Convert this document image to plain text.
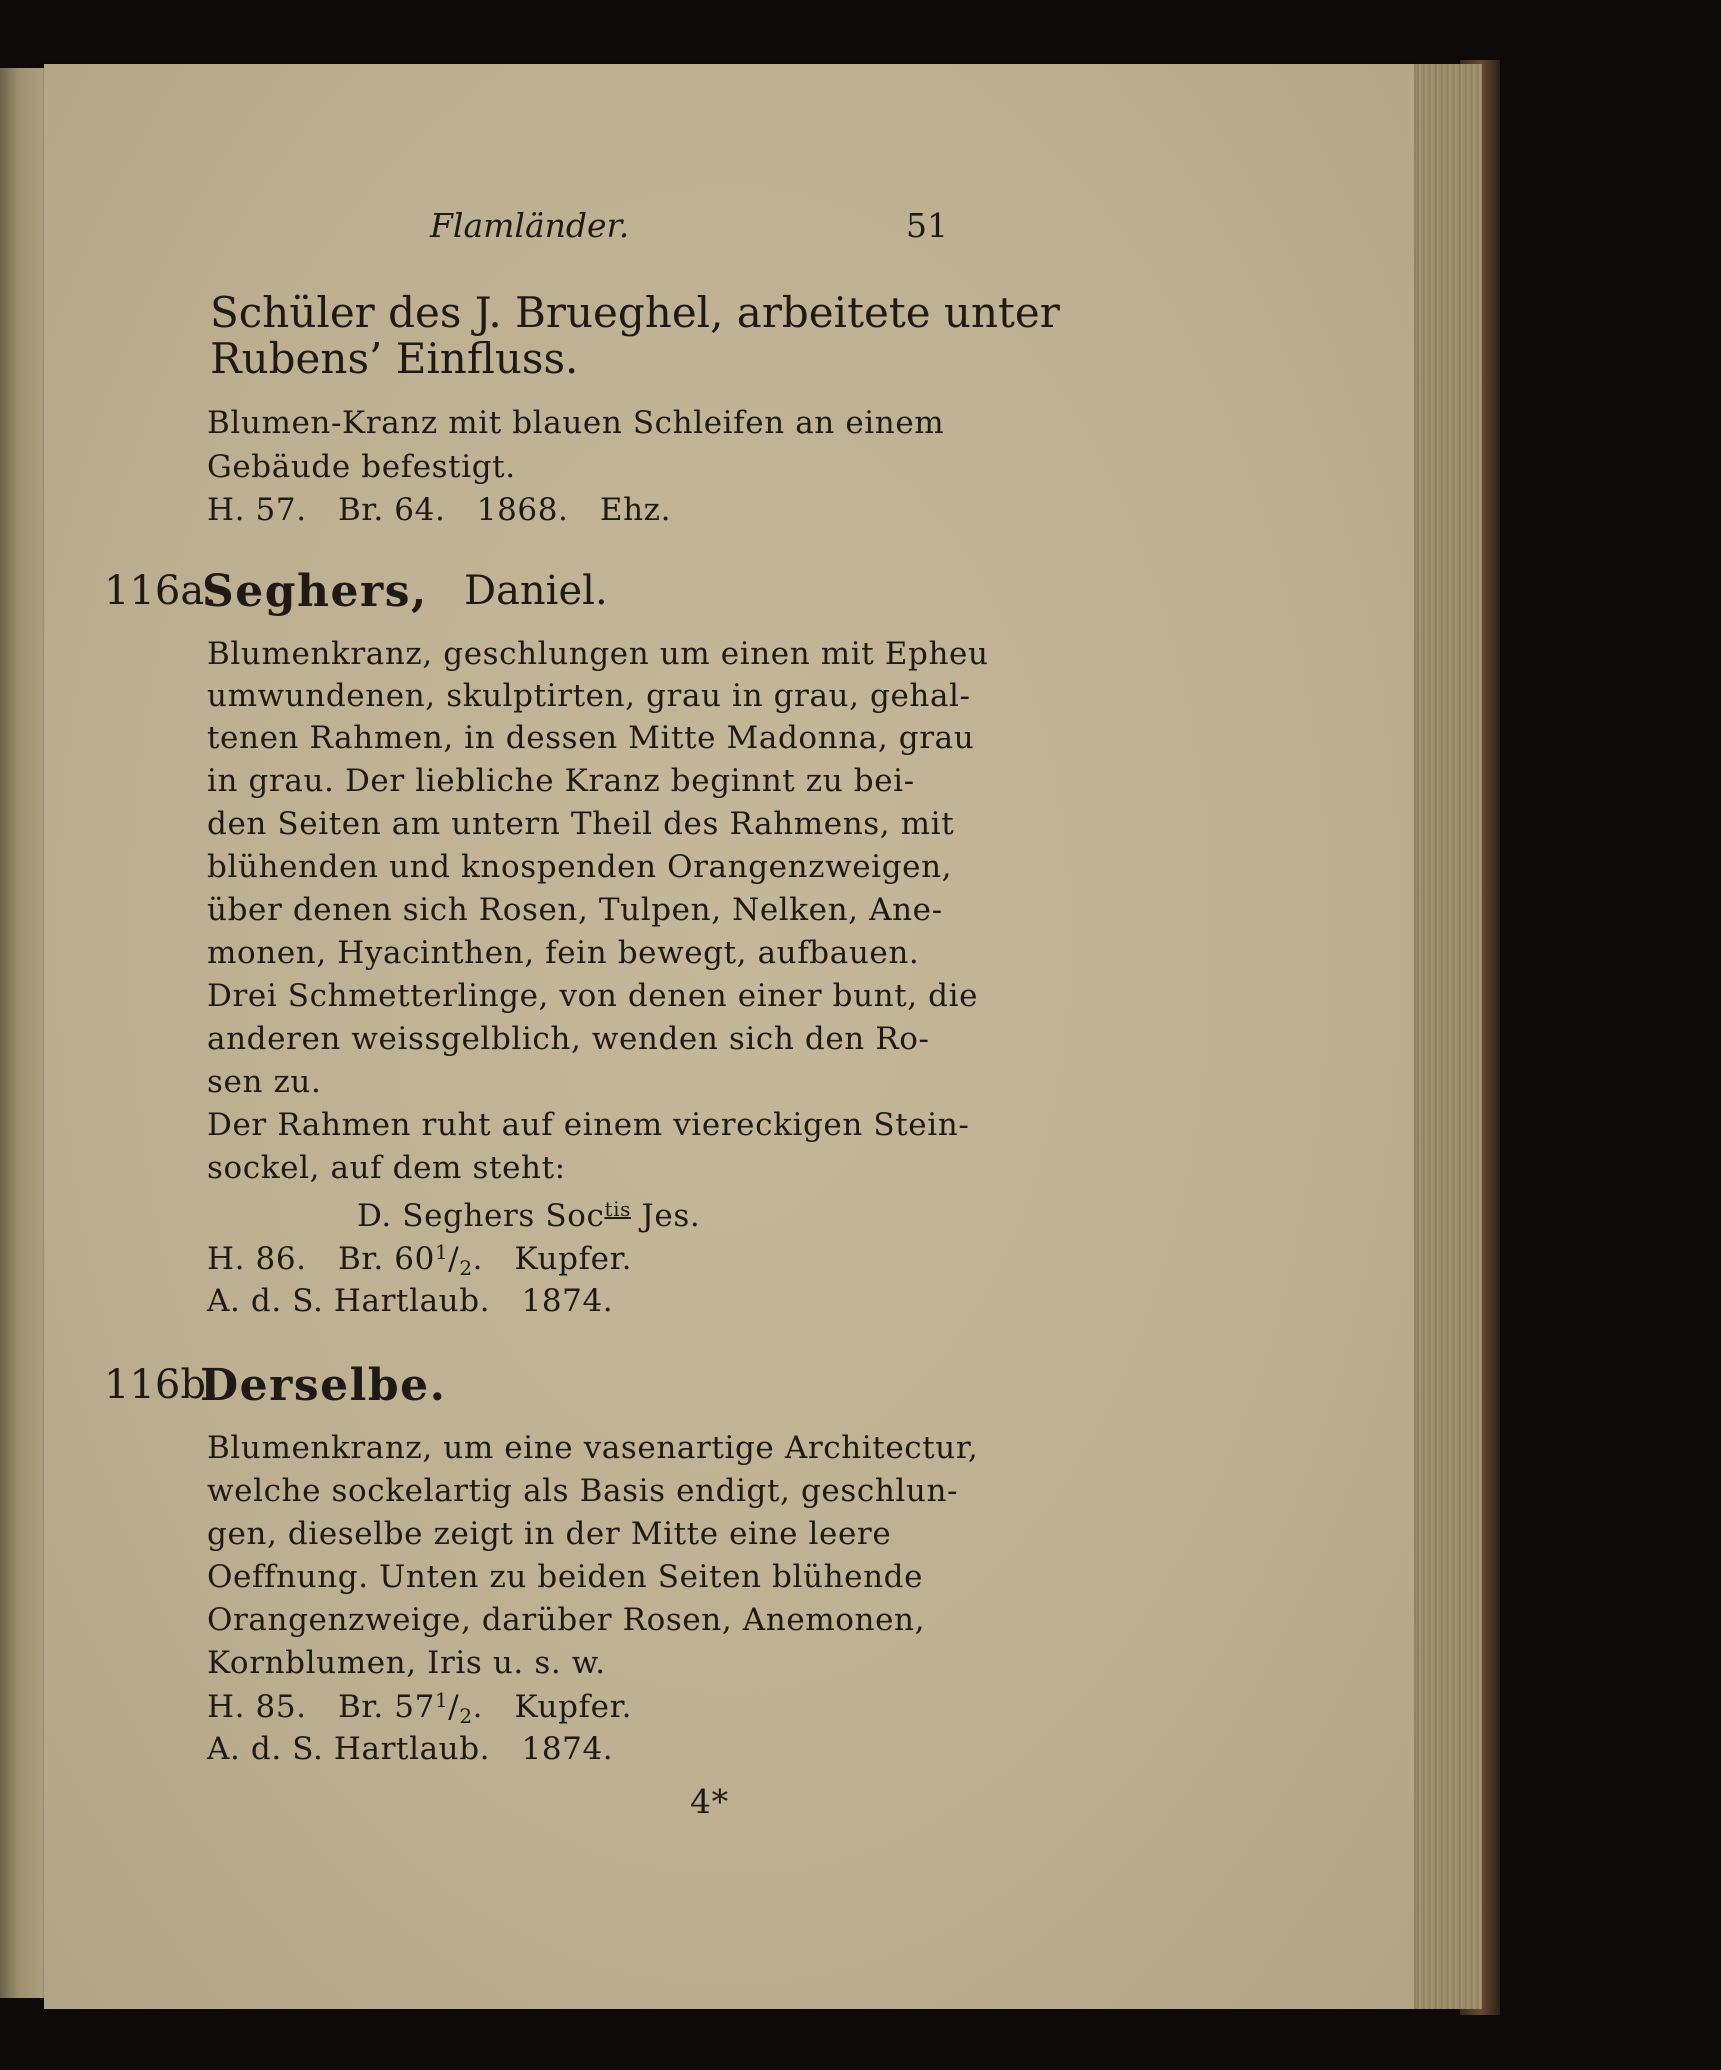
Flamländer.	51
Schüler des J. Brueghel, arbeitete unter
Rubens’ Einfluss.
Blumen-Kranz mit blauen Schleifen an einem
Gebäude befestigt.
H. 57.   Br. 64.   1868.   Ehz.
116a.
Seghers, Daniel.
Blumenkranz, geschlungen um einen mit Epheu
umwundenen, skulptirten, grau in grau, gehal-
tenen Rahmen, in dessen Mitte Madonna, grau
in grau. Der liebliche Kranz beginnt zu bei-
den Seiten am untern Theil des Rahmens, mit
blühenden und knospenden Orangenzweigen,
über denen sich Rosen, Tulpen, Nelken, Ane-
monen, Hyacinthen, fein bewegt, aufbauen.
Drei Schmetterlinge, von denen einer bunt, die
anderen weissgelblich, wenden sich den Ro-
sen zu.
Der Rahmen ruht auf einem viereckigen Stein-
sockel, auf dem steht:
D. Seghers Soc$^{tis}$ Jes.
H. 86.   Br. $60^1/_2$.   Kupfer.
A. d. S. Hartlaub.   1874.
116b.
Derselbe.
Blumenkranz, um eine vasenartige Architectur,
welche sockelartig als Basis endigt, geschlun-
gen, dieselbe zeigt in der Mitte eine leere
Oeffnung. Unten zu beiden Seiten blühende
Orangenzweige, darüber Rosen, Anemonen,
Kornblumen, Iris u. s. w.
H. 85.   Br. $57^1/_2$.   Kupfer.
A. d. S. Hartlaub.   1874.
4*
